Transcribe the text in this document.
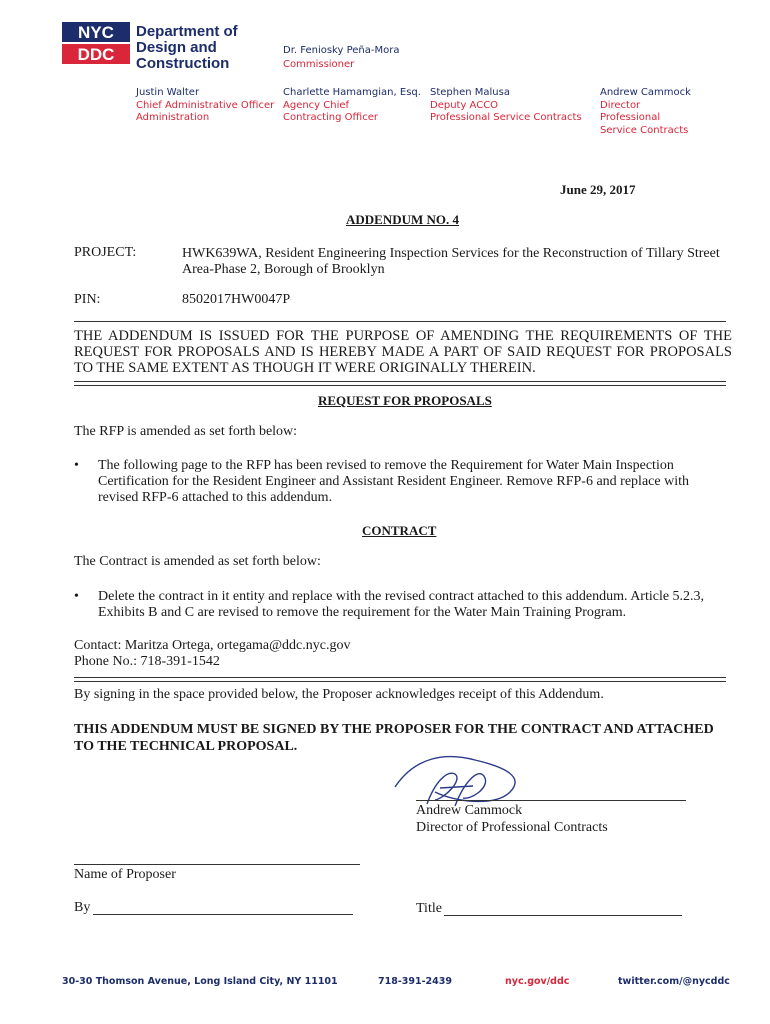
NYC
DDC
Department of
Design and
Construction
Dr. Feniosky Peña-Mora
Commissioner
Justin Walter
Chief Administrative Officer
Administration
Charlette Hamamgian, Esq.
Agency Chief
Contracting Officer
Stephen Malusa
Deputy ACCO
Professional Service Contracts
Andrew Cammock
Director
Professional
Service Contracts
June 29, 2017
ADDENDUM NO. 4
PROJECT:	HWK639WA, Resident Engineering Inspection Services for the Reconstruction of Tillary Street Area-Phase 2, Borough of Brooklyn
PIN:	8502017HW0047P
THE ADDENDUM IS ISSUED FOR THE PURPOSE OF AMENDING THE REQUIREMENTS OF THE REQUEST FOR PROPOSALS AND IS HEREBY MADE A PART OF SAID REQUEST FOR PROPOSALS TO THE SAME EXTENT AS THOUGH IT WERE ORIGINALLY THEREIN.
REQUEST FOR PROPOSALS
The RFP is amended as set forth below:
• The following page to the RFP has been revised to remove the Requirement for Water Main Inspection Certification for the Resident Engineer and Assistant Resident Engineer. Remove RFP-6 and replace with revised RFP-6 attached to this addendum.
CONTRACT
The Contract is amended as set forth below:
• Delete the contract in it entity and replace with the revised contract attached to this addendum. Article 5.2.3, Exhibits B and C are revised to remove the requirement for the Water Main Training Program.
Contact: Maritza Ortega, ortegama@ddc.nyc.gov
Phone No.: 718-391-1542
By signing in the space provided below, the Proposer acknowledges receipt of this Addendum.
THIS ADDENDUM MUST BE SIGNED BY THE PROPOSER FOR THE CONTRACT AND ATTACHED TO THE TECHNICAL PROPOSAL.
Andrew Cammock
Director of Professional Contracts
Name of Proposer
By	Title
30-30 Thomson Avenue, Long Island City, NY 11101	718-391-2439	nyc.gov/ddc	twitter.com/@nycddc
